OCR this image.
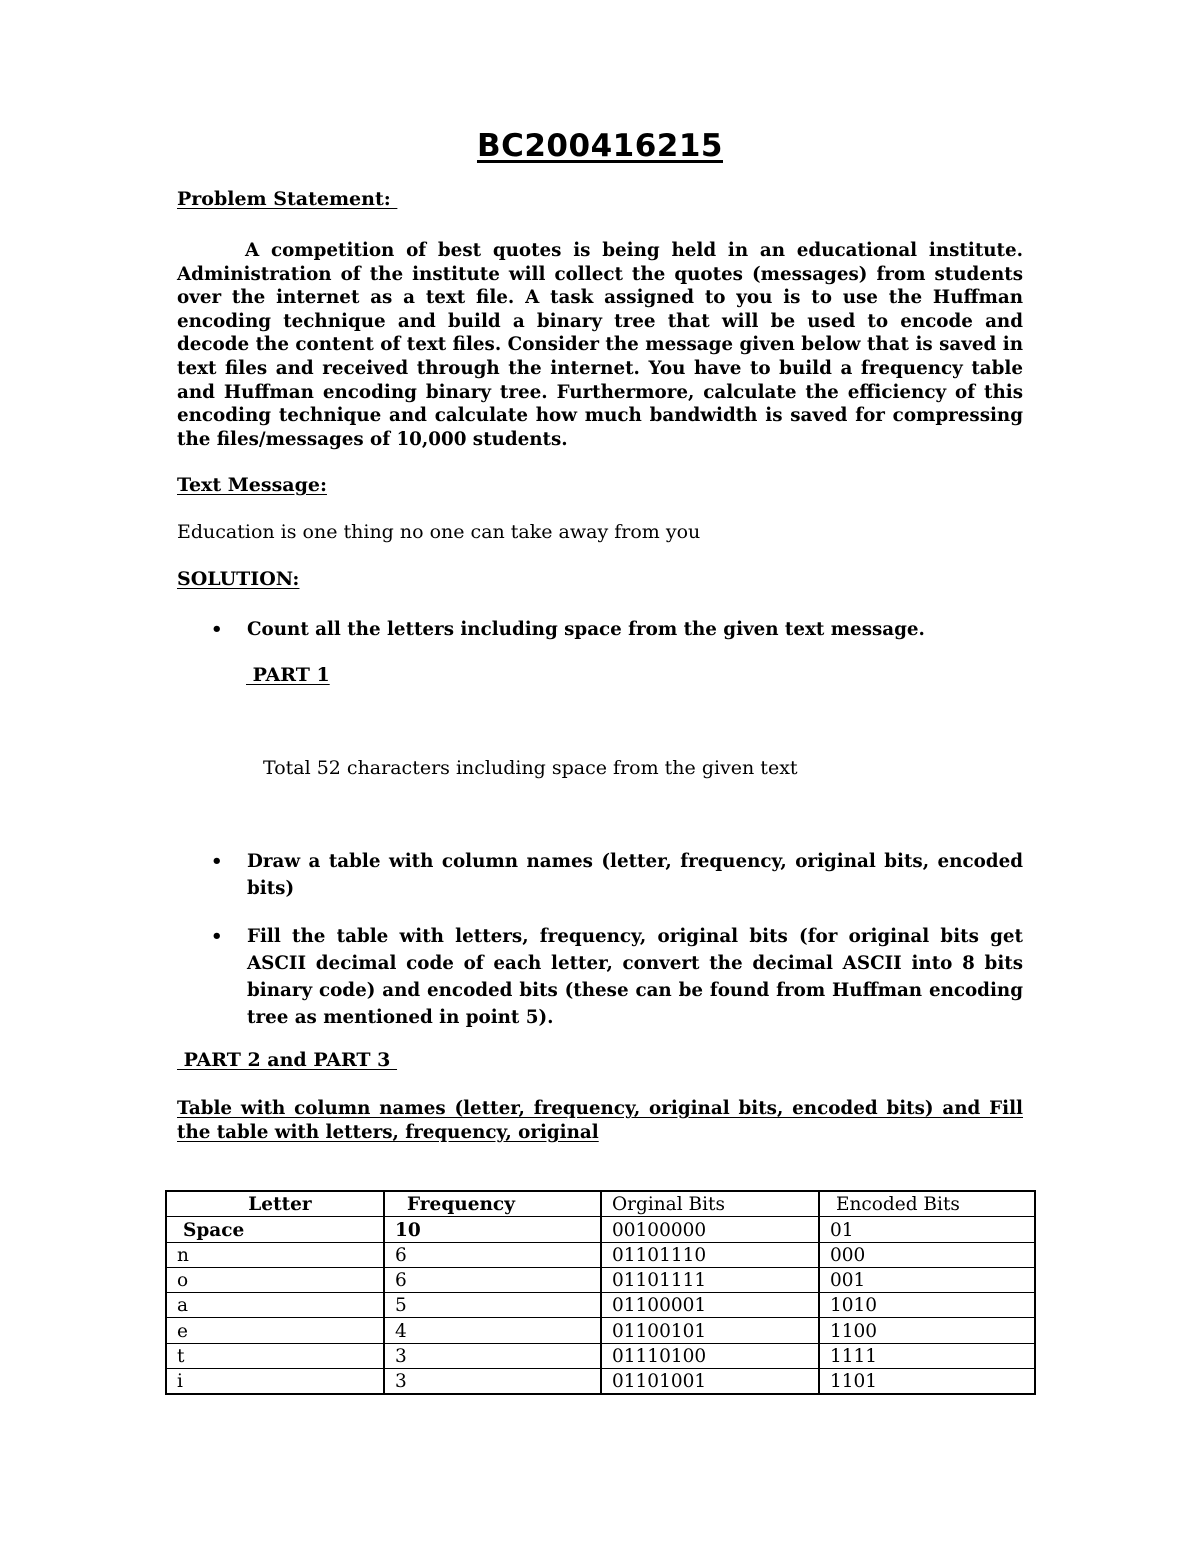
BC200416215
Problem Statement:
A competition of best quotes is being held in an educational institute. Administration of the institute will collect the quotes (messages) from students over the internet as a text file. A task assigned to you is to use the Huffman encoding technique and build a binary tree that will be used to encode and decode the content of text files. Consider the message given below that is saved in text files and received through the internet. You have to build a frequency table and Huffman encoding binary tree. Furthermore, calculate the efficiency of this encoding technique and calculate how much bandwidth is saved for compressing the files/messages of 10,000 students.
Text Message:
Education is one thing no one can take away from you
SOLUTION:
• Count all the letters including space from the given text message.
PART 1
Total 52 characters including space from the given text
• Draw a table with column names (letter, frequency, original bits, encoded bits)
• Fill the table with letters, frequency, original bits (for original bits get ASCII decimal code of each letter, convert the decimal ASCII into 8 bits binary code) and encoded bits (these can be found from Huffman encoding tree as mentioned in point 5).
PART 2 and PART 3
Table with column names (letter, frequency, original bits, encoded bits) and Fill the table with letters, frequency, original
Letter	Frequency	Orginal Bits	Encoded Bits
Space	10	00100000	01
n	6	01101110	000
o	6	01101111	001
a	5	01100001	1010
e	4	01100101	1100
t	3	01110100	1111
i	3	01101001	1101
